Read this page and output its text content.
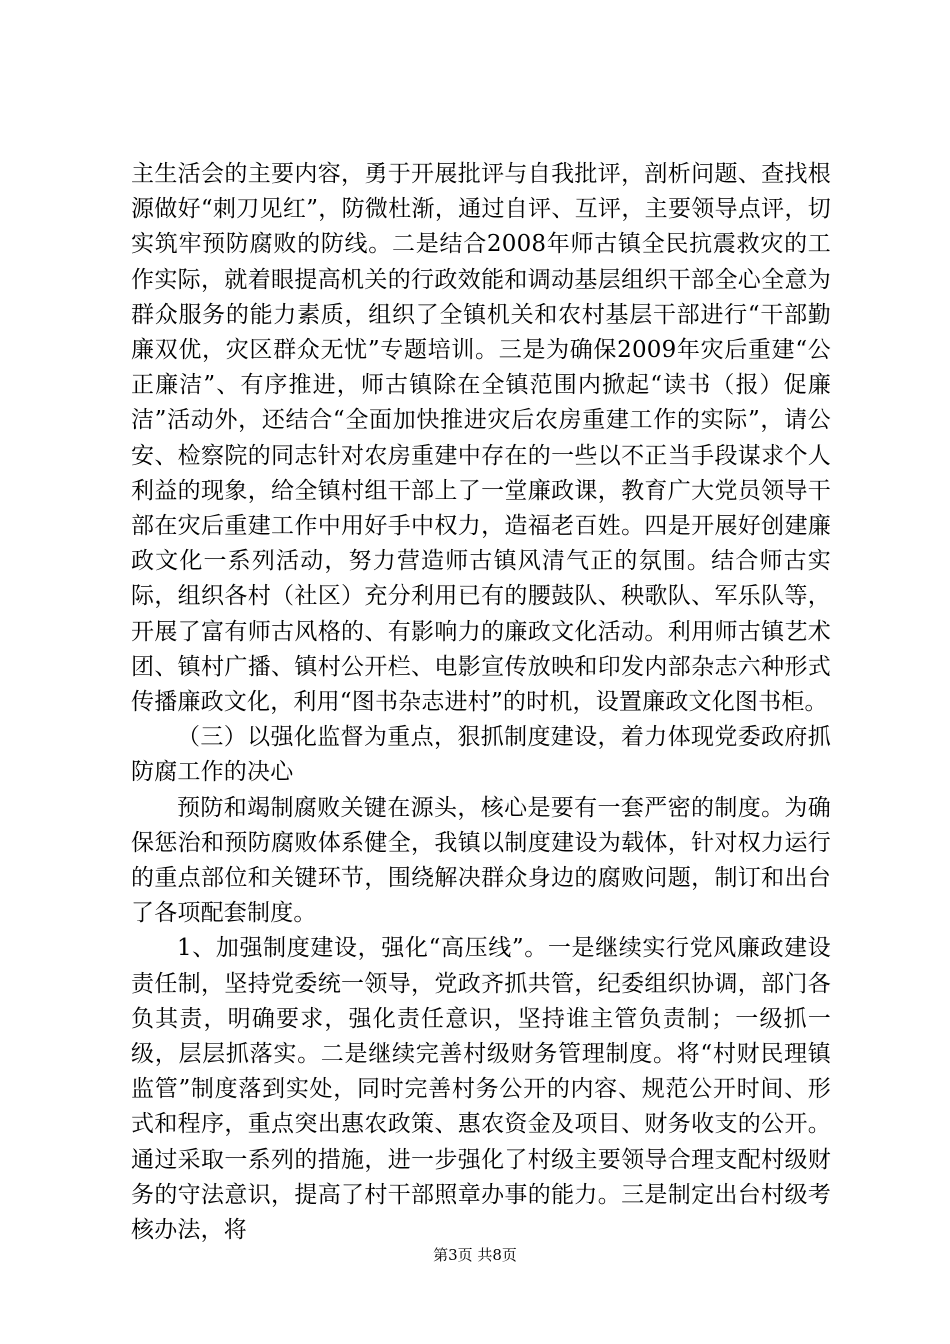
主生活会的主要内容，勇于开展批评与自我批评，剖析问题、查找根源做好“刺刀见红”，防微杜渐，通过自评、互评，主要领导点评，切实筑牢预防腐败的防线。二是结合2008年师古镇全民抗震救灾的工作实际，就着眼提高机关的行政效能和调动基层组织干部全心全意为群众服务的能力素质，组织了全镇机关和农村基层干部进行“干部勤廉双优，灾区群众无忧”专题培训。三是为确保2009年灾后重建“公正廉洁”、有序推进，师古镇除在全镇范围内掀起“读书（报）促廉洁”活动外，还结合“全面加快推进灾后农房重建工作的实际”，请公安、检察院的同志针对农房重建中存在的一些以不正当手段谋求个人利益的现象，给全镇村组干部上了一堂廉政课，教育广大党员领导干部在灾后重建工作中用好手中权力，造福老百姓。四是开展好创建廉政文化一系列活动，努力营造师古镇风清气正的氛围。结合师古实际，组织各村（社区）充分利用已有的腰鼓队、秧歌队、军乐队等，开展了富有师古风格的、有影响力的廉政文化活动。利用师古镇艺术团、镇村广播、镇村公开栏、电影宣传放映和印发内部杂志六种形式传播廉政文化，利用“图书杂志进村”的时机，设置廉政文化图书柜。

（三）以强化监督为重点，狠抓制度建设，着力体现党委政府抓防腐工作的决心

预防和竭制腐败关键在源头，核心是要有一套严密的制度。为确保惩治和预防腐败体系健全，我镇以制度建设为载体，针对权力运行的重点部位和关键环节，围绕解决群众身边的腐败问题，制订和出台了各项配套制度。

1、加强制度建设，强化“高压线”。一是继续实行党风廉政建设责任制，坚持党委统一领导，党政齐抓共管，纪委组织协调，部门各负其责，明确要求，强化责任意识，坚持谁主管负责制；一级抓一级，层层抓落实。二是继续完善村级财务管理制度。将“村财民理镇监管”制度落到实处，同时完善村务公开的内容、规范公开时间、形式和程序，重点突出惠农政策、惠农资金及项目、财务收支的公开。通过采取一系列的措施，进一步强化了村级主要领导合理支配村级财务的守法意识，提高了村干部照章办事的能力。三是制定出台村级考核办法，将

第3页 共8页
